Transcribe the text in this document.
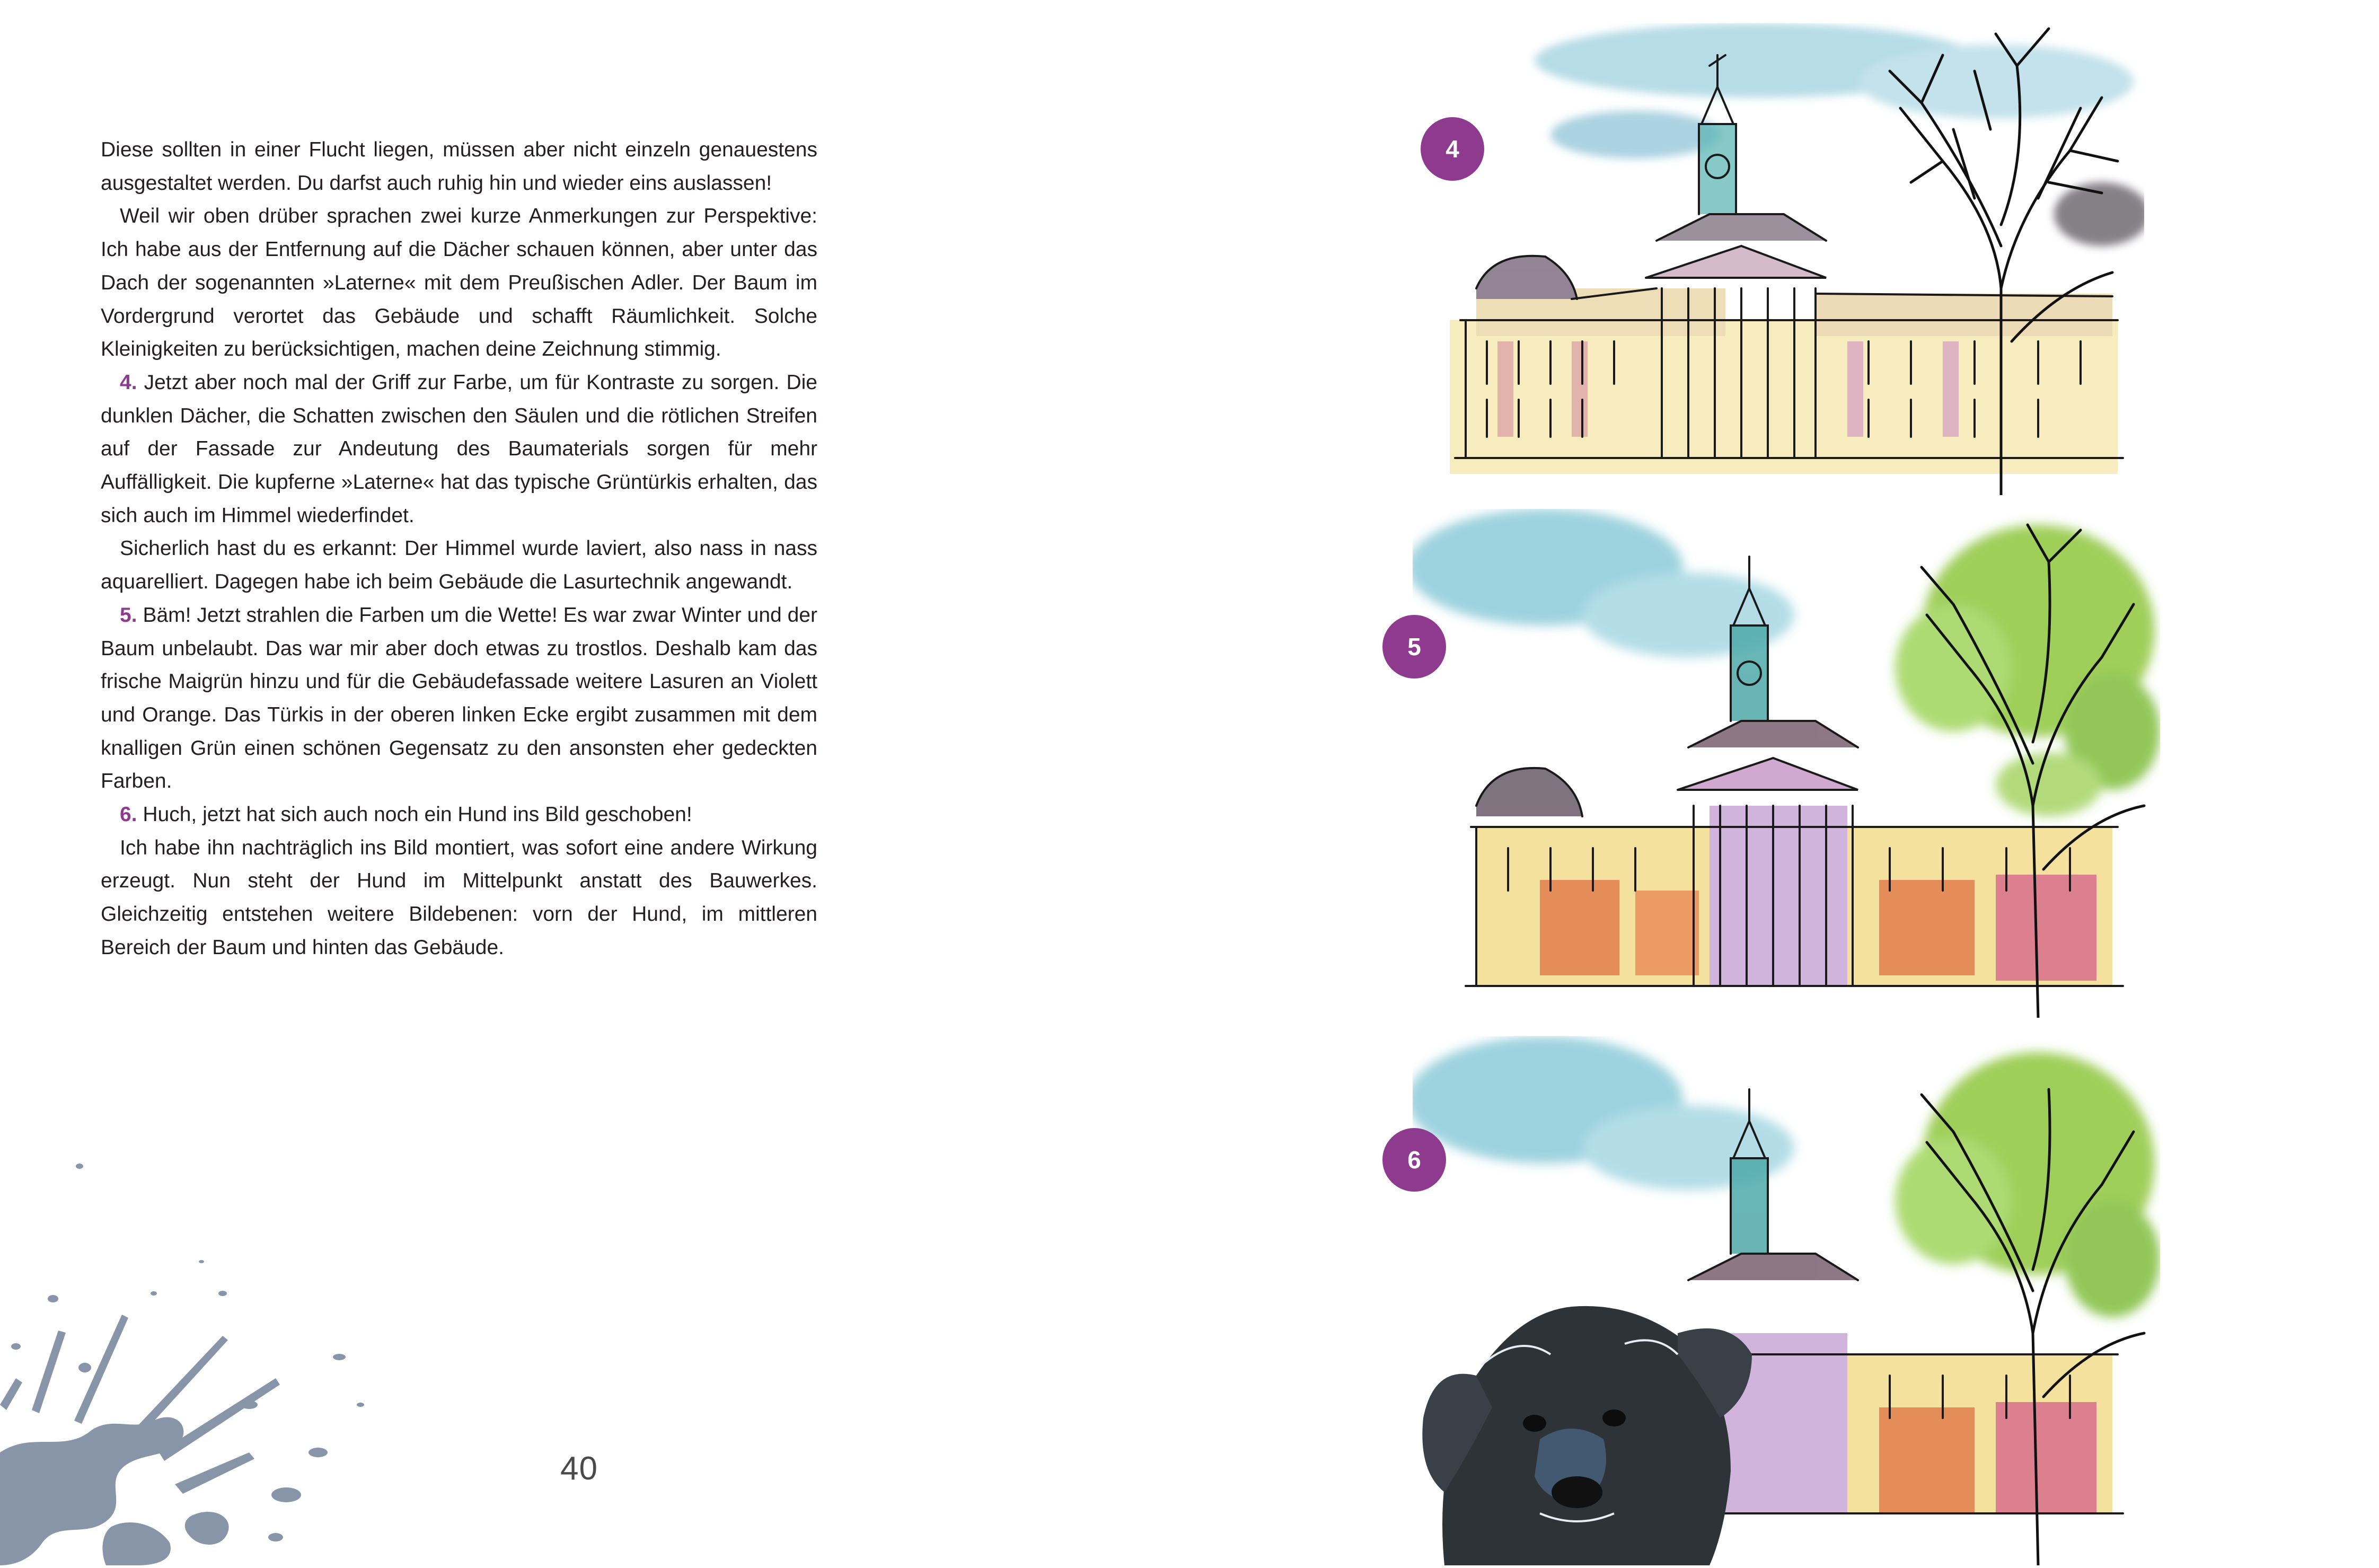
Diese sollten in einer Flucht liegen, müssen aber nicht einzeln genauestens ausgestaltet werden. Du darfst auch ruhig hin und wieder eins auslassen!

Weil wir oben drüber sprachen zwei kurze Anmerkungen zur Perspektive: Ich habe aus der Entfernung auf die Dächer schauen können, aber unter das Dach der sogenannten »Laterne« mit dem Preußischen Adler. Der Baum im Vordergrund verortet das Gebäude und schafft Räumlichkeit. Solche Kleinigkeiten zu berücksichtigen, machen deine Zeichnung stimmig.

4. Jetzt aber noch mal der Griff zur Farbe, um für Kontraste zu sorgen. Die dunklen Dächer, die Schatten zwischen den Säulen und die rötlichen Streifen auf der Fassade zur Andeutung des Baumaterials sorgen für mehr Auffälligkeit. Die kupferne »Laterne« hat das typische Grüntürkis erhalten, das sich auch im Himmel wiederfindet.

Sicherlich hast du es erkannt: Der Himmel wurde laviert, also nass in nass aquarelliert. Dagegen habe ich beim Gebäude die Lasurtechnik angewandt.

5. Bäm! Jetzt strahlen die Farben um die Wette! Es war zwar Winter und der Baum unbelaubt. Das war mir aber doch etwas zu trostlos. Deshalb kam das frische Maigrün hinzu und für die Gebäudefassade weitere Lasuren an Violett und Orange. Das Türkis in der oberen linken Ecke ergibt zusammen mit dem knalligen Grün einen schönen Gegensatz zu den ansonsten eher gedeckten Farben.

6. Huch, jetzt hat sich auch noch ein Hund ins Bild geschoben!

Ich habe ihn nachträglich ins Bild montiert, was sofort eine andere Wirkung erzeugt. Nun steht der Hund im Mittelpunkt anstatt des Bauwerkes. Gleichzeitig entstehen weitere Bildebenen: vorn der Hund, im mittleren Bereich der Baum und hinten das Gebäude.

40
4
5
6
